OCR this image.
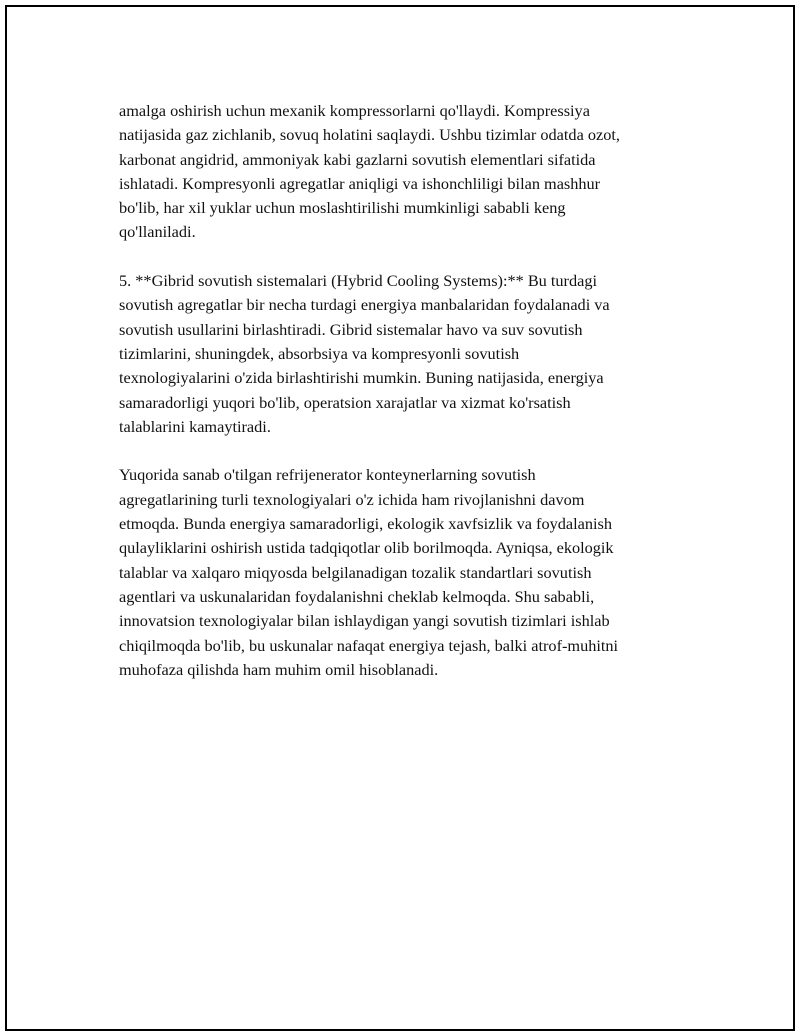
amalga oshirish uchun mexanik kompressorlarni qo'llaydi. Kompressiya
natijasida gaz zichlanib, sovuq holatini saqlaydi. Ushbu tizimlar odatda ozot,
karbonat angidrid, ammoniyak kabi gazlarni sovutish elementlari sifatida
ishlatadi. Kompresyonli agregatlar aniqligi va ishonchliligi bilan mashhur
bo'lib, har xil yuklar uchun moslashtirilishi mumkinligi sababli keng
qo'llaniladi.

5. **Gibrid sovutish sistemalari (Hybrid Cooling Systems):** Bu turdagi
sovutish agregatlar bir necha turdagi energiya manbalaridan foydalanadi va
sovutish usullarini birlashtiradi. Gibrid sistemalar havo va suv sovutish
tizimlarini, shuningdek, absorbsiya va kompresyonli sovutish
texnologiyalarini o'zida birlashtirishi mumkin. Buning natijasida, energiya
samaradorligi yuqori bo'lib, operatsion xarajatlar va xizmat ko'rsatish
talablarini kamaytiradi.

Yuqorida sanab o'tilgan refrijenerator konteynerlarning sovutish
agregatlarining turli texnologiyalari o'z ichida ham rivojlanishni davom
etmoqda. Bunda energiya samaradorligi, ekologik xavfsizlik va foydalanish
qulayliklarini oshirish ustida tadqiqotlar olib borilmoqda. Ayniqsa, ekologik
talablar va xalqaro miqyosda belgilanadigan tozalik standartlari sovutish
agentlari va uskunalaridan foydalanishni cheklab kelmoqda. Shu sababli,
innovatsion texnologiyalar bilan ishlaydigan yangi sovutish tizimlari ishlab
chiqilmoqda bo'lib, bu uskunalar nafaqat energiya tejash, balki atrof-muhitni
muhofaza qilishda ham muhim omil hisoblanadi.
